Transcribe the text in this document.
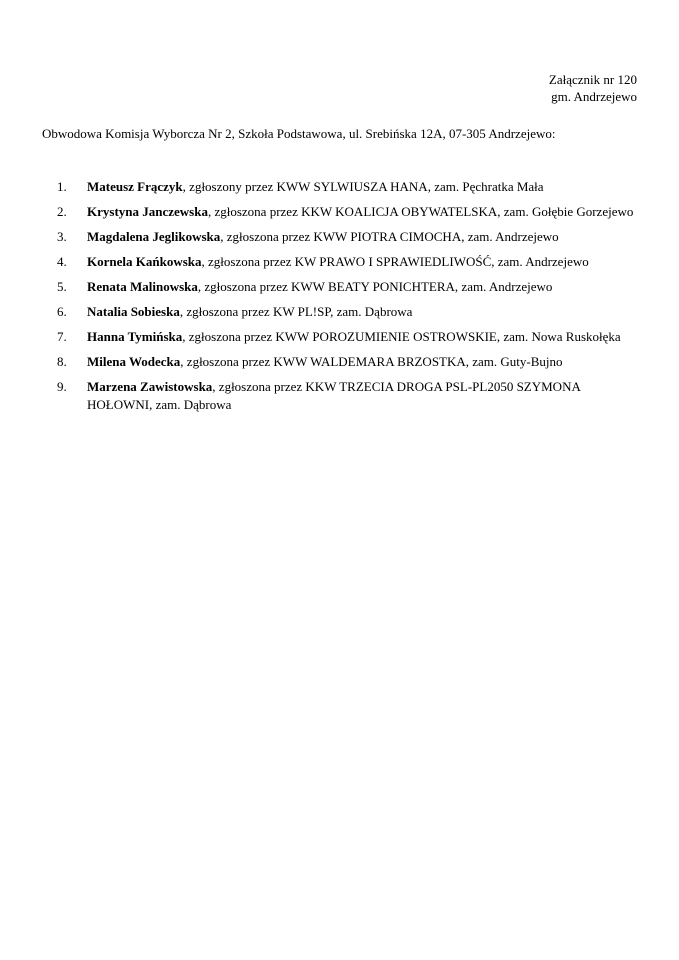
Załącznik nr 120
gm. Andrzejewo
Obwodowa Komisja Wyborcza Nr 2, Szkoła Podstawowa, ul. Srebińska 12A, 07-305 Andrzejewo:
1.	Mateusz Frączyk, zgłoszony przez KWW SYLWIUSZA HANA, zam. Pęchratka Mała
2.	Krystyna Janczewska, zgłoszona przez KKW KOALICJA OBYWATELSKA, zam. Gołębie Gorzejewo
3.	Magdalena Jeglikowska, zgłoszona przez KWW PIOTRA CIMOCHA, zam. Andrzejewo
4.	Kornela Kańkowska, zgłoszona przez KW PRAWO I SPRAWIEDLIWOŚĆ, zam. Andrzejewo
5.	Renata Malinowska, zgłoszona przez KWW BEATY PONICHTERA, zam. Andrzejewo
6.	Natalia Sobieska, zgłoszona przez KW PL!SP, zam. Dąbrowa
7.	Hanna Tymińska, zgłoszona przez KWW POROZUMIENIE OSTROWSKIE, zam. Nowa Ruskołęka
8.	Milena Wodecka, zgłoszona przez KWW WALDEMARA BRZOSTKA, zam. Guty-Bujno
9.	Marzena Zawistowska, zgłoszona przez KKW TRZECIA DROGA PSL-PL2050 SZYMONA HOŁOWNI, zam. Dąbrowa
